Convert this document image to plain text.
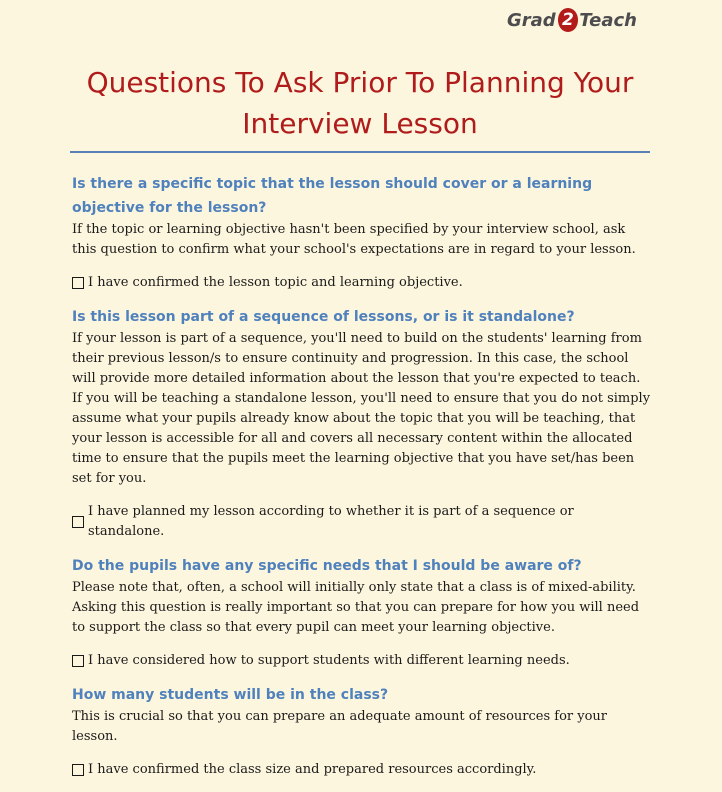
Grad 2 Teach
Questions To Ask Prior To Planning Your Interview Lesson

Is there a specific topic that the lesson should cover or a learning objective for the lesson?

If the topic or learning objective hasn't been specified by your interview school, ask this question to confirm what your school's expectations are in regard to your lesson.

I have confirmed the lesson topic and learning objective.

Is this lesson part of a sequence of lessons, or is it standalone?

If your lesson is part of a sequence, you'll need to build on the students' learning from their previous lesson/s to ensure continuity and progression. In this case, the school will provide more detailed information about the lesson that you're expected to teach. If you will be teaching a standalone lesson, you'll need to ensure that you do not simply assume what your pupils already know about the topic that you will be teaching, that your lesson is accessible for all and covers all necessary content within the allocated time to ensure that the pupils meet the learning objective that you have set/has been set for you.

I have planned my lesson according to whether it is part of a sequence or standalone.

Do the pupils have any specific needs that I should be aware of?

Please note that, often, a school will initially only state that a class is of mixed-ability. Asking this question is really important so that you can prepare for how you will need to support the class so that every pupil can meet your learning objective.

I have considered how to support students with different learning needs.

How many students will be in the class?

This is crucial so that you can prepare an adequate amount of resources for your lesson.

I have confirmed the class size and prepared resources accordingly.
